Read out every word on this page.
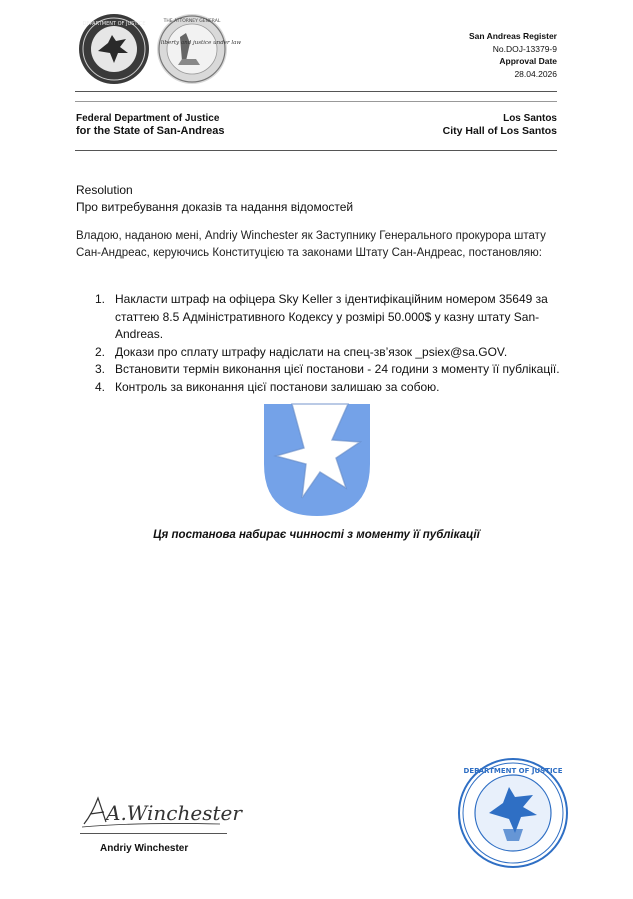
DEPARTMENT OF JUSTICE
liberty and justice under law
THE ATTORNEY GENERAL
San Andreas Register
No.DOJ-13379-9
Approval Date
28.04.2026
Federal Department of Justice
for the State of San-Andreas
Los Santos
City Hall of Los Santos
Resolution
Про витребування доказів та надання відомостей
Владою, наданою мені, Andriy Winchester як Заступнику Генерального прокурора штату Сан-Андреас, керуючись Конституцією та законами Штату Сан-Андреас, постановляю:
1. Накласти штраф на офіцера Sky Keller з ідентифікаційним номером 35649 за статтею 8.5 Адміністративного Кодексу у розмірі 50.000$ у казну штату San-Andreas.
2. Докази про сплату штрафу надіслати на спец-зв’язок _psiex@sa.GOV.
3. Встановити термін виконання цієї постанови - 24 години з моменту її публікації.
4. Контроль за виконання цієї постанови залишаю за собою.
Ця постанова набирає чинності з моменту її публікації
A.Winchester
Andriy Winchester
DEPARTMENT OF JUSTICE
